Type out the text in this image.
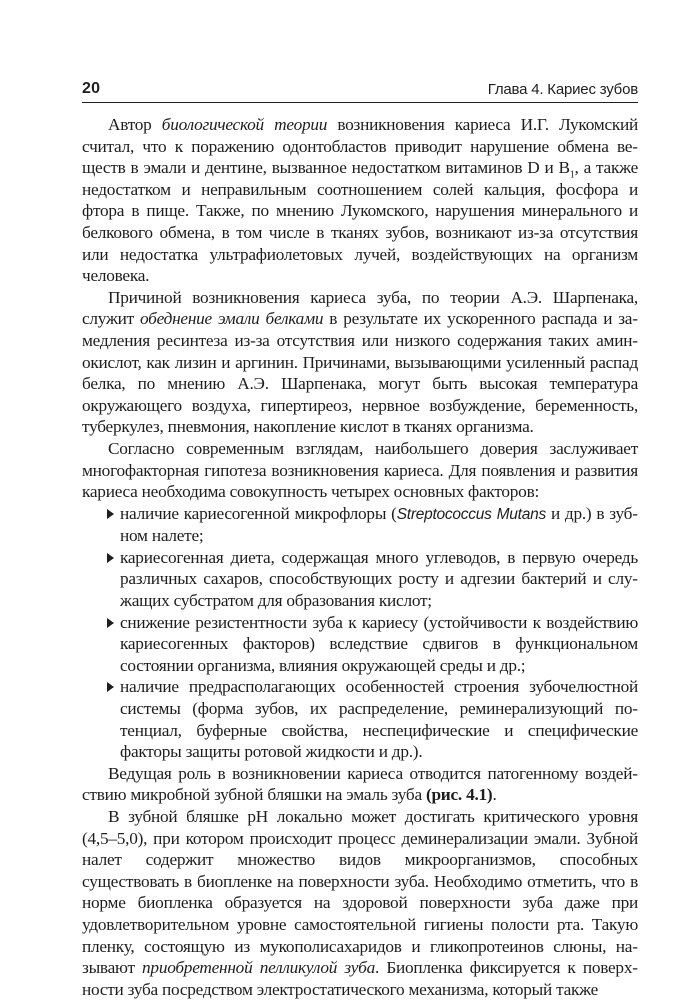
20	Глава 4. Кариес зубов

Автор биологической теории возникновения кариеса И.Г. Лукомский считал, что к поражению одонтобластов приводит нарушение обмена веществ в эмали и дентине, вызванное недостатком витаминов D и $B_1$, а также недостатком и неправильным соотношением солей кальция, фосфора и фтора в пище. Также, по мнению Лукомского, нарушения минерального и белкового обмена, в том числе в тканях зубов, возникают из-за отсутствия или недостатка ультрафиолетовых лучей, воздействующих на организм человека.

Причиной возникновения кариеса зуба, по теории А.Э. Шарпенака, служит обеднение эмали белками в результате их ускоренного распада и замедления ресинтеза из-за отсутствия или низкого содержания таких аминокислот, как лизин и аргинин. Причинами, вызывающими усиленный распад белка, по мнению А.Э. Шарпенака, могут быть высокая температура окружающего воздуха, гипертиреоз, нервное возбуждение, беременность, туберкулез, пневмония, накопление кислот в тканях организма.

Согласно современным взглядам, наибольшего доверия заслуживает многофакторная гипотеза возникновения кариеса. Для появления и развития кариеса необходима совокупность четырех основных факторов:

наличие кариесогенной микрофлоры (Streptococcus Mutans и др.) в зубном налете;
кариесогенная диета, содержащая много углеводов, в первую очередь различных сахаров, способствующих росту и адгезии бактерий и служащих субстратом для образования кислот;
снижение резистентности зуба к кариесу (устойчивости к воздействию кариесогенных факторов) вследствие сдвигов в функциональном состоянии организма, влияния окружающей среды и др.;
наличие предрасполагающих особенностей строения зубочелюстной системы (форма зубов, их распределение, реминерализующий потенциал, буферные свойства, неспецифические и специфические факторы защиты ротовой жидкости и др.).

Ведущая роль в возникновении кариеса отводится патогенному воздействию микробной зубной бляшки на эмаль зуба (рис. 4.1).

В зубной бляшке pH локально может достигать критического уровня (4,5–5,0), при котором происходит процесс деминерализации эмали. Зубной налет содержит множество видов микроорганизмов, способных существовать в биопленке на поверхности зуба. Необходимо отметить, что в норме биопленка образуется на здоровой поверхности зуба даже при удовлетворительном уровне самостоятельной гигиены полости рта. Такую пленку, состоящую из мукополисахаридов и гликопротеинов слюны, называют приобретенной пелликулой зуба. Биопленка фиксируется к поверхности зуба посредством электростатического механизма, который также
